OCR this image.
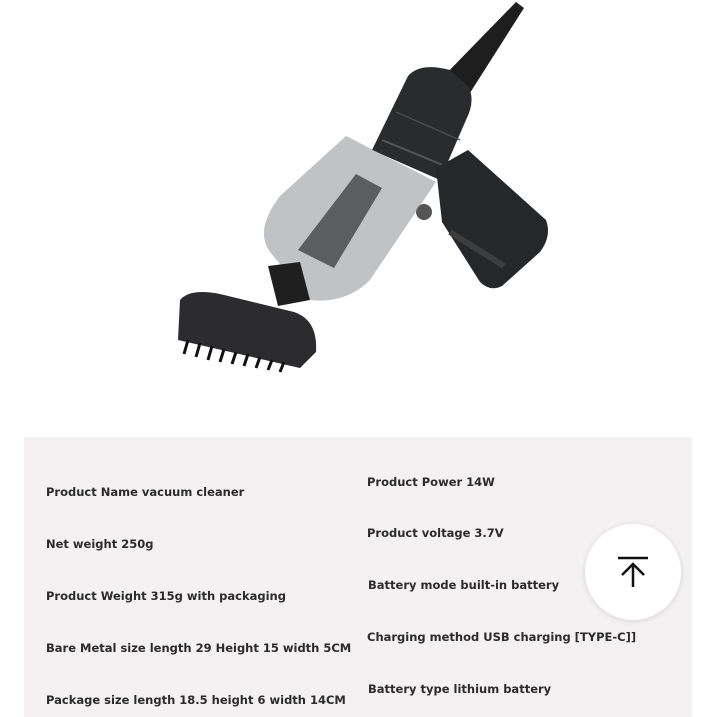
Product Name vacuum cleaner
Net weight 250g
Product Weight 315g with packaging
Bare Metal size length 29 Height 15 width 5CM
Package size length 18.5 height 6 width 14CM
Product Power 14W
Product voltage 3.7V
Battery mode built-in battery
Charging method USB charging [TYPE-C]]
Battery type lithium battery
